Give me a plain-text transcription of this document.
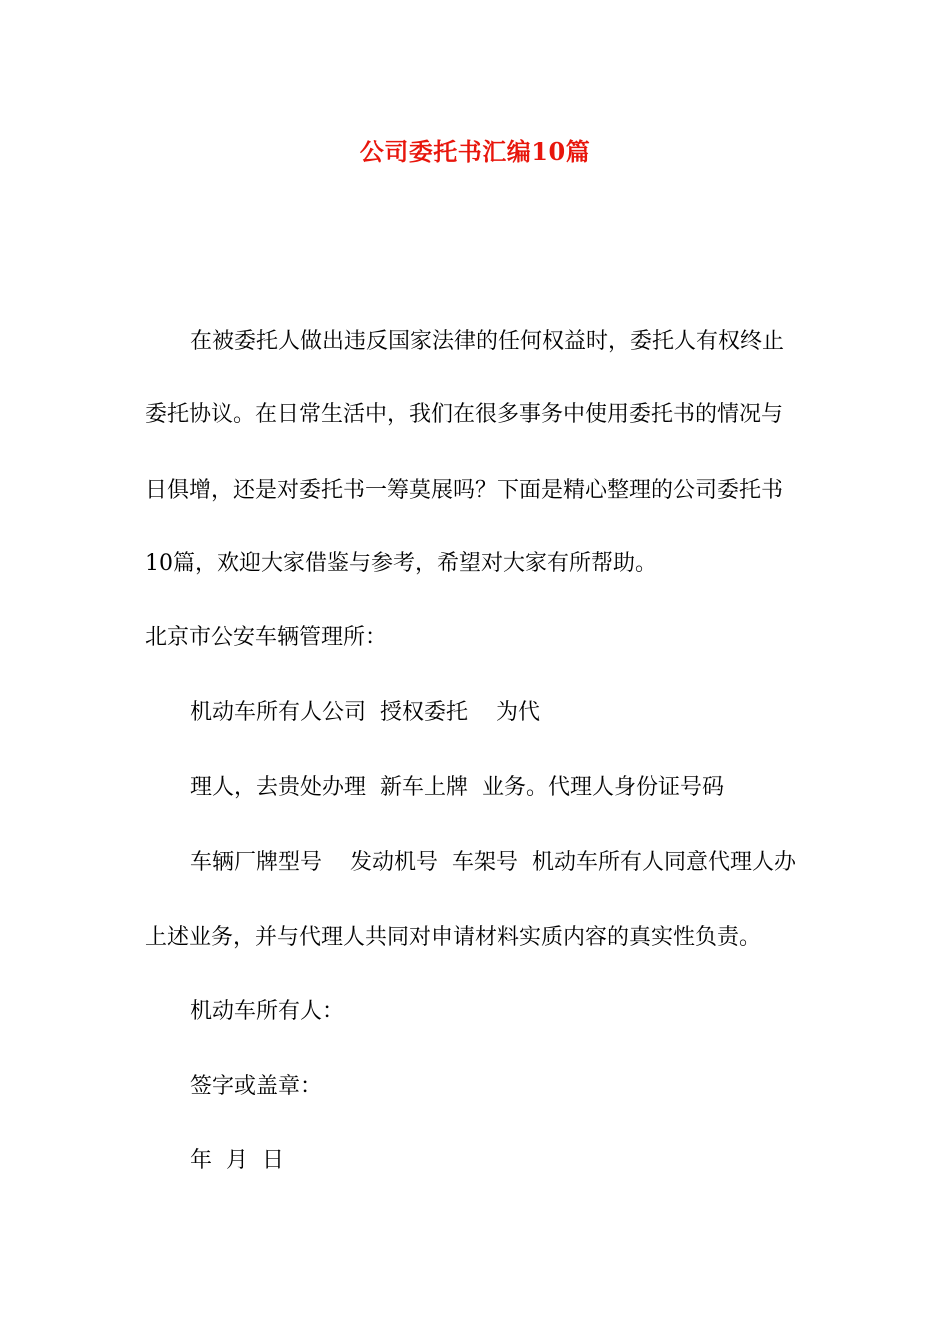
公司委托书汇编10篇
在被委托人做出违反国家法律的任何权益时，委托人有权终止
委托协议。在日常生活中，我们在很多事务中使用委托书的情况与
日俱增，还是对委托书一筹莫展吗？下面是精心整理的公司委托书
10篇，欢迎大家借鉴与参考，希望对大家有所帮助。
北京市公安车辆管理所：
机动车所有人公司  授权委托    为代
理人，去贵处办理  新车上牌  业务。代理人身份证号码
车辆厂牌型号    发动机号  车架号  机动车所有人同意代理人办
上述业务，并与代理人共同对申请材料实质内容的真实性负责。
机动车所有人：
签字或盖章：
年  月  日
